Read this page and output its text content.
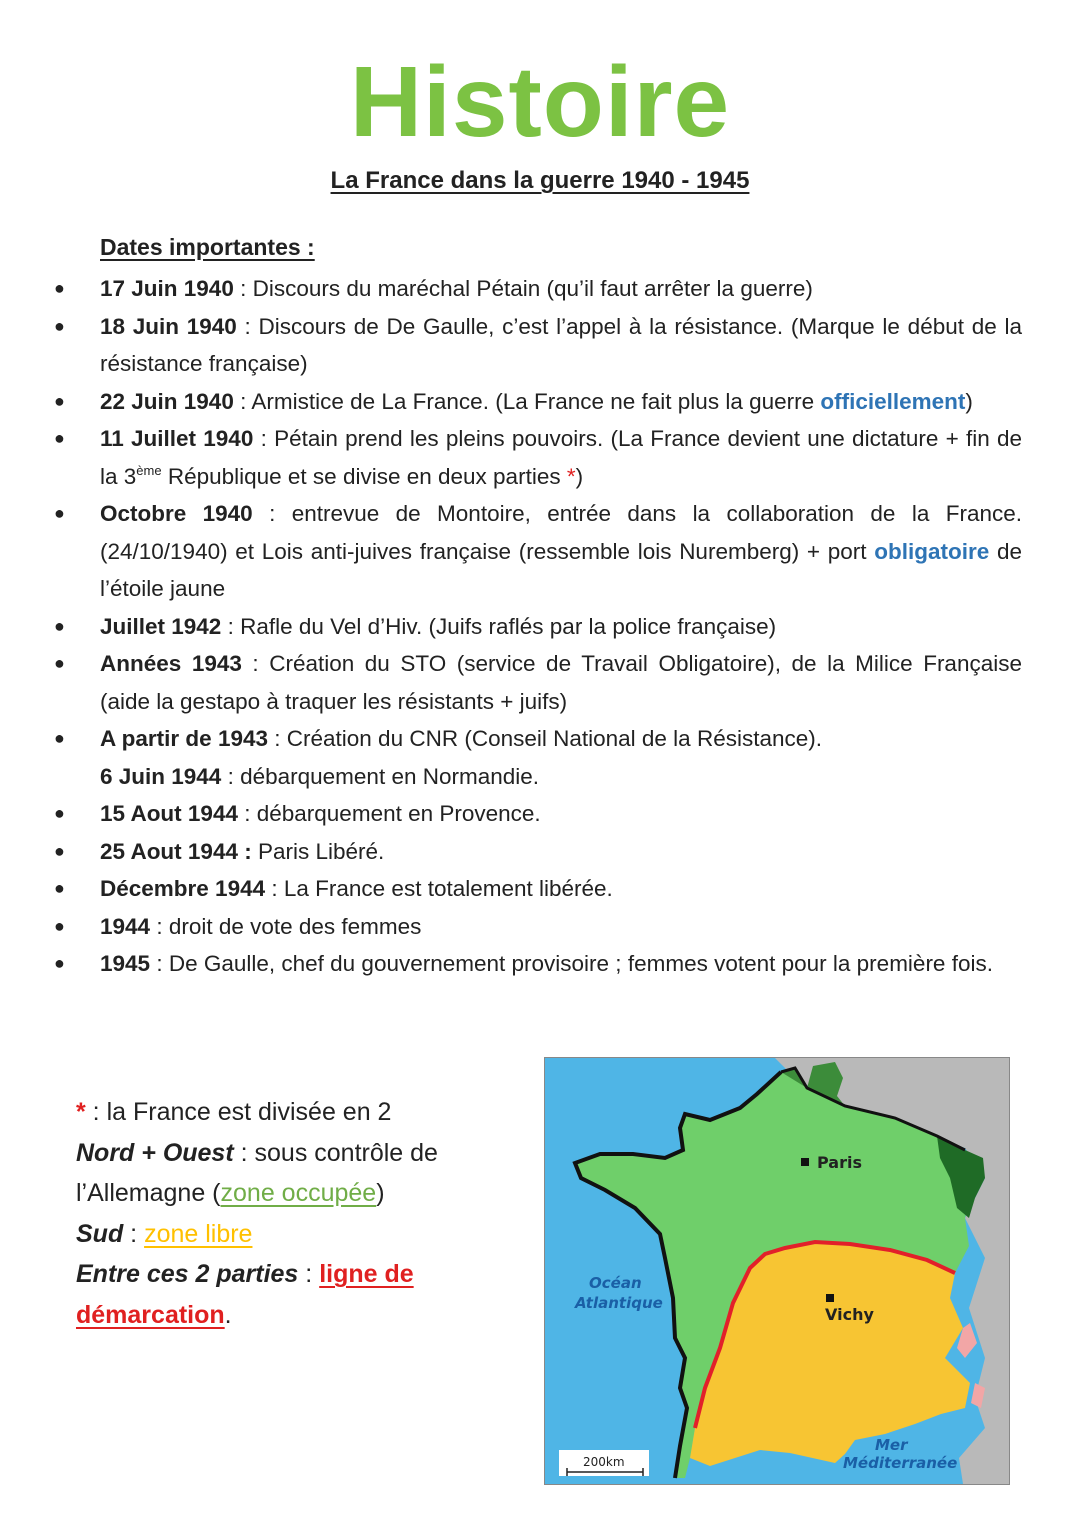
Histoire
La France dans la guerre 1940 - 1945
Dates importantes :
● 17 Juin 1940 : Discours du maréchal Pétain (qu’il faut arrêter la guerre)
● 18 Juin 1940 : Discours de De Gaulle, c’est l’appel à la résistance. (Marque le début de la résistance française)
● 22 Juin 1940 : Armistice de La France. (La France ne fait plus la guerre officiellement)
● 11 Juillet 1940 : Pétain prend les pleins pouvoirs. (La France devient une dictature + fin de la 3ème République et se divise en deux parties *)
● Octobre 1940 : entrevue de Montoire, entrée dans la collaboration de la France. (24/10/1940) et Lois anti-juives française (ressemble lois Nuremberg) + port obligatoire de l’étoile jaune
● Juillet 1942 : Rafle du Vel d’Hiv. (Juifs raflés par la police française)
● Années 1943 : Création du STO (service de Travail Obligatoire), de la Milice Française (aide la gestapo à traquer les résistants + juifs)
● A partir de 1943 : Création du CNR (Conseil National de la Résistance).
6 Juin 1944 : débarquement en Normandie.
● 15 Aout 1944 : débarquement en Provence.
● 25 Aout 1944 : Paris Libéré.
● Décembre 1944 : La France est totalement libérée.
● 1944 : droit de vote des femmes
● 1945 : De Gaulle, chef du gouvernement provisoire ; femmes votent pour la première fois.
* : la France est divisée en 2
Nord + Ouest : sous contrôle de l’Allemagne (zone occupée)
Sud : zone libre
Entre ces 2 parties : ligne de démarcation.
Paris
Vichy
Océan
Atlantique
Mer
Méditerranée
200km
